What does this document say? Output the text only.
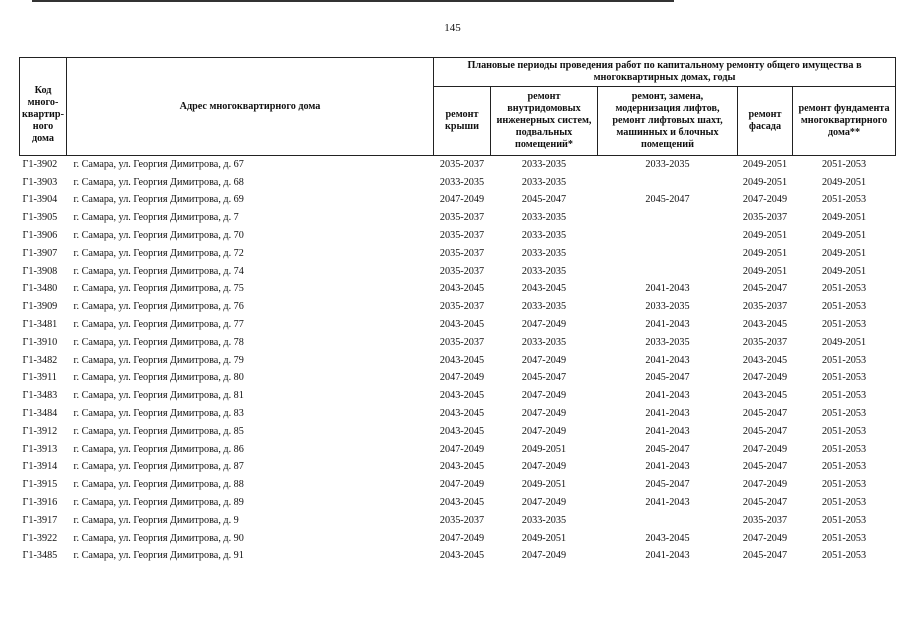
145
Код много-квартир-ного дома	Адрес многоквартирного дома	Плановые периоды проведения работ по капитальному ремонту общего имущества в многоквартирных домах, годы				
		ремонт крыши	ремонт внутридомовых инженерных систем, подвальных помещений*	ремонт, замена, модернизация лифтов, ремонт лифтовых шахт, машинных и блочных помещений	ремонт фасада	ремонт фундамента многоквартирного дома**
Г1-3902	г. Самара, ул. Георгия Димитрова, д. 67	2035-2037	2033-2035	2033-2035	2049-2051	2051-2053
Г1-3903	г. Самара, ул. Георгия Димитрова, д. 68	2033-2035	2033-2035		2049-2051	2049-2051
Г1-3904	г. Самара, ул. Георгия Димитрова, д. 69	2047-2049	2045-2047	2045-2047	2047-2049	2051-2053
Г1-3905	г. Самара, ул. Георгия Димитрова, д. 7	2035-2037	2033-2035		2035-2037	2049-2051
Г1-3906	г. Самара, ул. Георгия Димитрова, д. 70	2035-2037	2033-2035		2049-2051	2049-2051
Г1-3907	г. Самара, ул. Георгия Димитрова, д. 72	2035-2037	2033-2035		2049-2051	2049-2051
Г1-3908	г. Самара, ул. Георгия Димитрова, д. 74	2035-2037	2033-2035		2049-2051	2049-2051
Г1-3480	г. Самара, ул. Георгия Димитрова, д. 75	2043-2045	2043-2045	2041-2043	2045-2047	2051-2053
Г1-3909	г. Самара, ул. Георгия Димитрова, д. 76	2035-2037	2033-2035	2033-2035	2035-2037	2051-2053
Г1-3481	г. Самара, ул. Георгия Димитрова, д. 77	2043-2045	2047-2049	2041-2043	2043-2045	2051-2053
Г1-3910	г. Самара, ул. Георгия Димитрова, д. 78	2035-2037	2033-2035	2033-2035	2035-2037	2049-2051
Г1-3482	г. Самара, ул. Георгия Димитрова, д. 79	2043-2045	2047-2049	2041-2043	2043-2045	2051-2053
Г1-3911	г. Самара, ул. Георгия Димитрова, д. 80	2047-2049	2045-2047	2045-2047	2047-2049	2051-2053
Г1-3483	г. Самара, ул. Георгия Димитрова, д. 81	2043-2045	2047-2049	2041-2043	2043-2045	2051-2053
Г1-3484	г. Самара, ул. Георгия Димитрова, д. 83	2043-2045	2047-2049	2041-2043	2045-2047	2051-2053
Г1-3912	г. Самара, ул. Георгия Димитрова, д. 85	2043-2045	2047-2049	2041-2043	2045-2047	2051-2053
Г1-3913	г. Самара, ул. Георгия Димитрова, д. 86	2047-2049	2049-2051	2045-2047	2047-2049	2051-2053
Г1-3914	г. Самара, ул. Георгия Димитрова, д. 87	2043-2045	2047-2049	2041-2043	2045-2047	2051-2053
Г1-3915	г. Самара, ул. Георгия Димитрова, д. 88	2047-2049	2049-2051	2045-2047	2047-2049	2051-2053
Г1-3916	г. Самара, ул. Георгия Димитрова, д. 89	2043-2045	2047-2049	2041-2043	2045-2047	2051-2053
Г1-3917	г. Самара, ул. Георгия Димитрова, д. 9	2035-2037	2033-2035		2035-2037	2051-2053
Г1-3922	г. Самара, ул. Георгия Димитрова, д. 90	2047-2049	2049-2051	2043-2045	2047-2049	2051-2053
Г1-3485	г. Самара, ул. Георгия Димитрова, д. 91	2043-2045	2047-2049	2041-2043	2045-2047	2051-2053
